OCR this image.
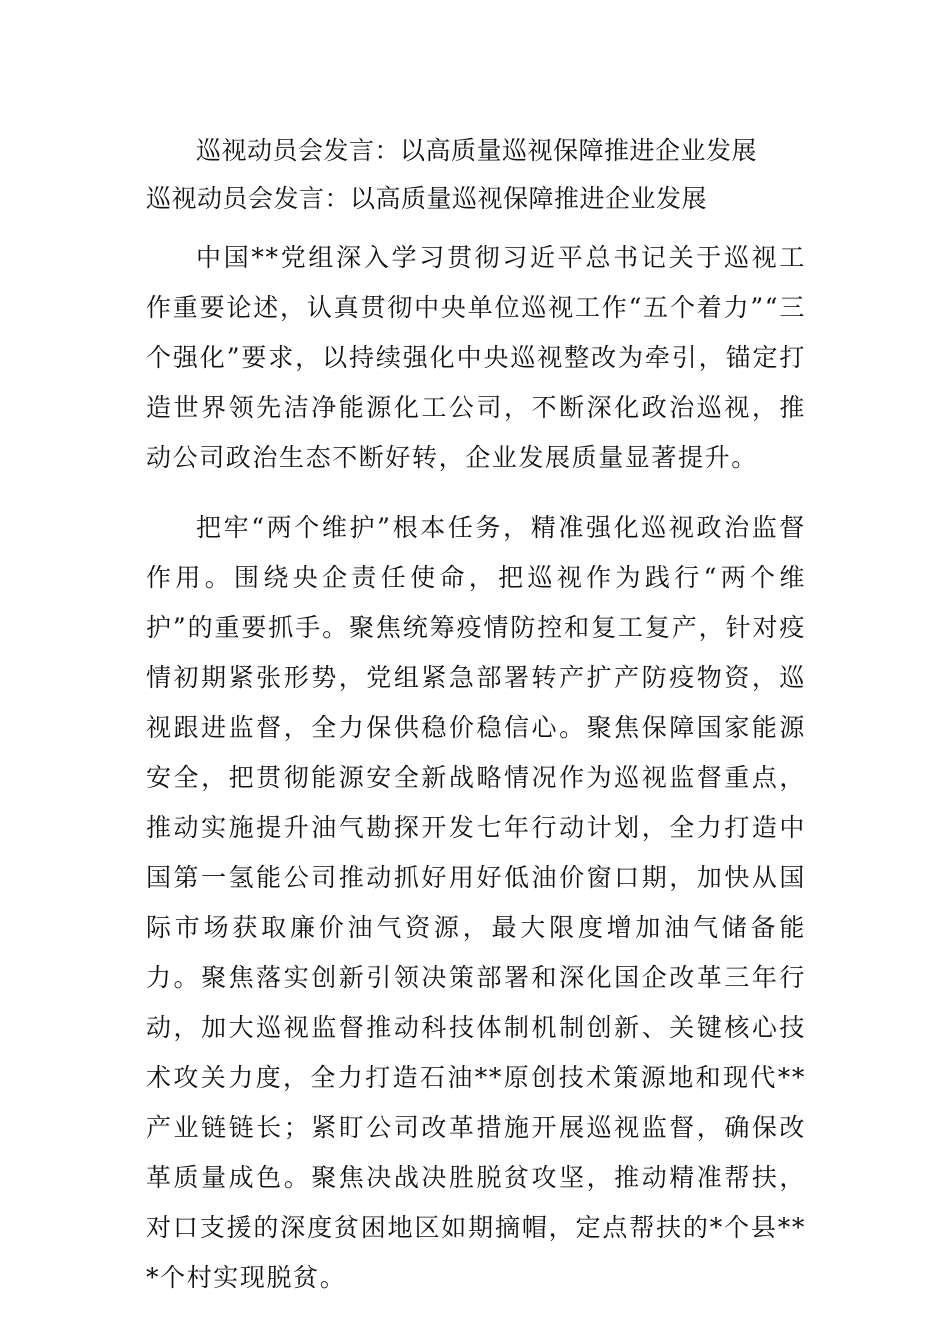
巡视动员会发言：以高质量巡视保障推进企业发展
巡视动员会发言：以高质量巡视保障推进企业发展

中国**党组深入学习贯彻习近平总书记关于巡视工作重要论述，认真贯彻中央单位巡视工作“五个着力”“三个强化”要求，以持续强化中央巡视整改为牵引，锚定打造世界领先洁净能源化工公司，不断深化政治巡视，推动公司政治生态不断好转，企业发展质量显著提升。

把牢“两个维护”根本任务，精准强化巡视政治监督作用。围绕央企责任使命，把巡视作为践行“两个维护”的重要抓手。聚焦统筹疫情防控和复工复产，针对疫情初期紧张形势，党组紧急部署转产扩产防疫物资，巡视跟进监督，全力保供稳价稳信心。聚焦保障国家能源安全，把贯彻能源安全新战略情况作为巡视监督重点，推动实施提升油气勘探开发七年行动计划，全力打造中国第一氢能公司推动抓好用好低油价窗口期，加快从国际市场获取廉价油气资源，最大限度增加油气储备能力。聚焦落实创新引领决策部署和深化国企改革三年行动，加大巡视监督推动科技体制机制创新、关键核心技术攻关力度，全力打造石油**原创技术策源地和现代**产业链链长；紧盯公司改革措施开展巡视监督，确保改革质量成色。聚焦决战决胜脱贫攻坚，推动精准帮扶，对口支援的深度贫困地区如期摘帽，定点帮扶的*个县***个村实现脱贫。
